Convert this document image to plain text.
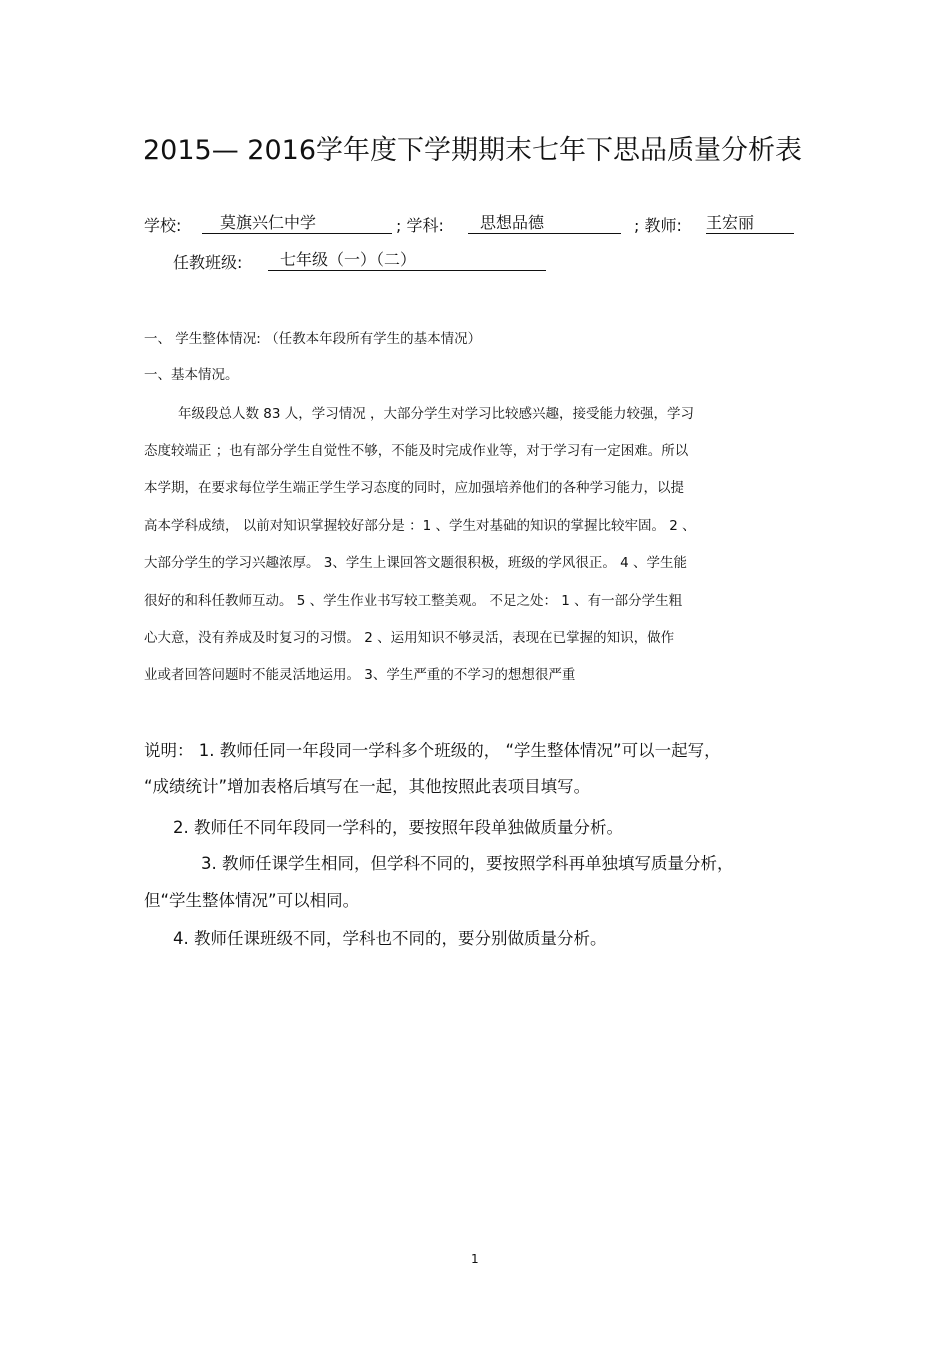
2015— 2016学年度下学期期末七年下思品质量分析表
学校:	莫旗兴仁中学	; 学科:	思想品德	; 教师: 王宏丽
任教班级:	七年级（一）（二）
一、 学生整体情况: （任教本年段所有学生的基本情况）
一、基本情况。
年级段总人数 83 人，学习情况 ，大部分学生对学习比较感兴趣，接受能力较强，学习
态度较端正 ；也有部分学生自觉性不够，不能及时完成作业等，对于学习有一定困难。所以
本学期，在要求每位学生端正学生学习态度的同时，应加强培养他们的各种学习能力，以提
高本学科成绩， 以前对知识掌握较好部分是 ：1 、学生对基础的知识的掌握比较牢固。 2 、
大部分学生的学习兴趣浓厚。 3、学生上课回答文题很积极，班级的学风很正。 4 、学生能
很好的和科任教师互动。 5 、学生作业书写较工整美观。 不足之处： 1 、有一部分学生粗
心大意，没有养成及时复习的习惯。 2 、运用知识不够灵活，表现在已掌握的知识，做作
业或者回答问题时不能灵活地运用。 3、学生严重的不学习的想想很严重
说明： 1. 教师任同一年段同一学科多个班级的， “学生整体情况”可以一起写，
“成绩统计”增加表格后填写在一起，其他按照此表项目填写。
2. 教师任不同年段同一学科的，要按照年段单独做质量分析。
3. 教师任课学生相同，但学科不同的，要按照学科再单独填写质量分析，
但“学生整体情况”可以相同。
4. 教师任课班级不同，学科也不同的，要分别做质量分析。
1
